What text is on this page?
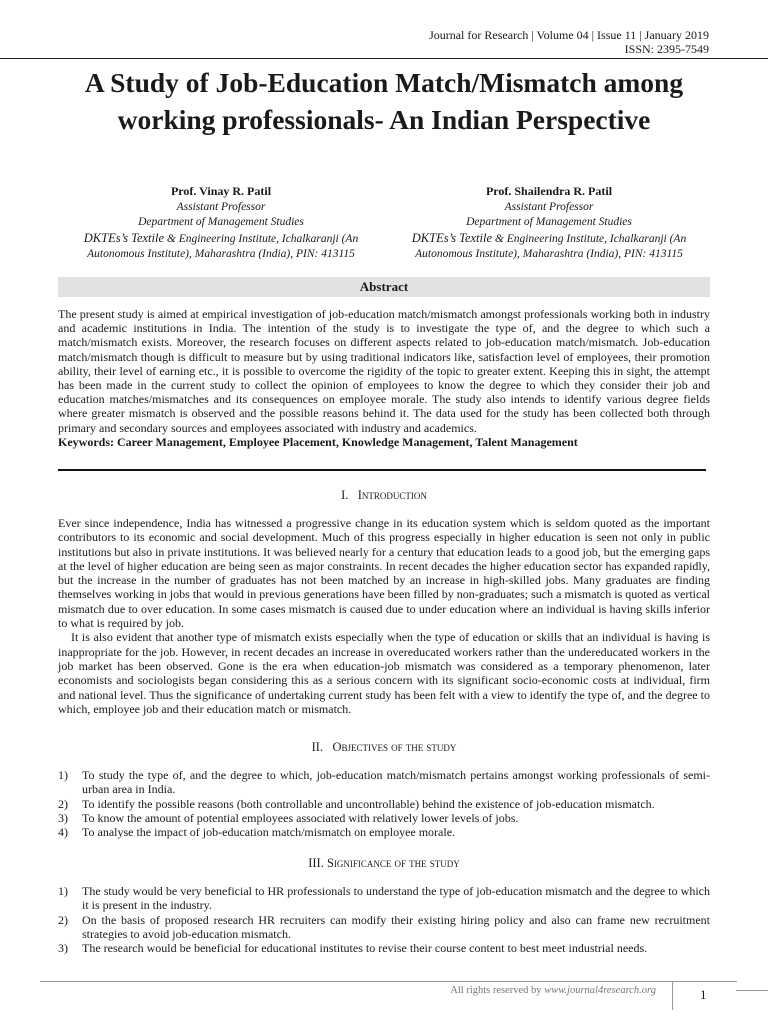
Journal for Research | Volume 04 | Issue 11 | January 2019
ISSN: 2395-7549
A Study of Job-Education Match/Mismatch among working professionals- An Indian Perspective
Prof. Vinay R. Patil
Assistant Professor
Department of Management Studies
DKTEs’s Textile & Engineering Institute, Ichalkaranji (An
Autonomous Institute), Maharashtra (India), PIN: 413115
Prof. Shailendra R. Patil
Assistant Professor
Department of Management Studies
DKTEs’s Textile & Engineering Institute, Ichalkaranji (An
Autonomous Institute), Maharashtra (India), PIN: 413115
Abstract
The present study is aimed at empirical investigation of job-education match/mismatch amongst professionals working both in industry and academic institutions in India. The intention of the study is to investigate the type of, and the degree to which such a match/mismatch exists. Moreover, the research focuses on different aspects related to job-education match/mismatch. Job-education match/mismatch though is difficult to measure but by using traditional indicators like, satisfaction level of employees, their promotion ability, their level of earning etc., it is possible to overcome the rigidity of the topic to greater extent. Keeping this in sight, the attempt has been made in the current study to collect the opinion of employees to know the degree to which they consider their job and education matches/mismatches and its consequences on employee morale. The study also intends to identify various degree fields where greater mismatch is observed and the possible reasons behind it. The data used for the study has been collected both through primary and secondary sources and employees associated with industry and academics.
Keywords: Career Management, Employee Placement, Knowledge Management, Talent Management
I. Introduction
Ever since independence, India has witnessed a progressive change in its education system which is seldom quoted as the important contributors to its economic and social development. Much of this progress especially in higher education is seen not only in public institutions but also in private institutions. It was believed nearly for a century that education leads to a good job, but the emerging gaps at the level of higher education are being seen as major constraints. In recent decades the higher education sector has expanded rapidly, but the increase in the number of graduates has not been matched by an increase in high-skilled jobs. Many graduates are finding themselves working in jobs that would in previous generations have been filled by non-graduates; such a mismatch is quoted as vertical mismatch due to over education. In some cases mismatch is caused due to under education where an individual is having skills inferior to what is required by job.
It is also evident that another type of mismatch exists especially when the type of education or skills that an individual is having is inappropriate for the job. However, in recent decades an increase in overeducated workers rather than the undereducated workers in the job market has been observed. Gone is the era when education-job mismatch was considered as a temporary phenomenon, later economists and sociologists began considering this as a serious concern with its significant socio-economic costs at individual, firm and national level. Thus the significance of undertaking current study has been felt with a view to identify the type of, and the degree to which, employee job and their education match or mismatch.
II. Objectives of the study
1) To study the type of, and the degree to which, job-education match/mismatch pertains amongst working professionals of semi-urban area in India.
2) To identify the possible reasons (both controllable and uncontrollable) behind the existence of job-education mismatch.
3) To know the amount of potential employees associated with relatively lower levels of jobs.
4) To analyse the impact of job-education match/mismatch on employee morale.
III. Significance of the study
1) The study would be very beneficial to HR professionals to understand the type of job-education mismatch and the degree to which it is present in the industry.
2) On the basis of proposed research HR recruiters can modify their existing hiring policy and also can frame new recruitment strategies to avoid job-education mismatch.
3) The research would be beneficial for educational institutes to revise their course content to best meet industrial needs.
All rights reserved by www.journal4research.org	1
